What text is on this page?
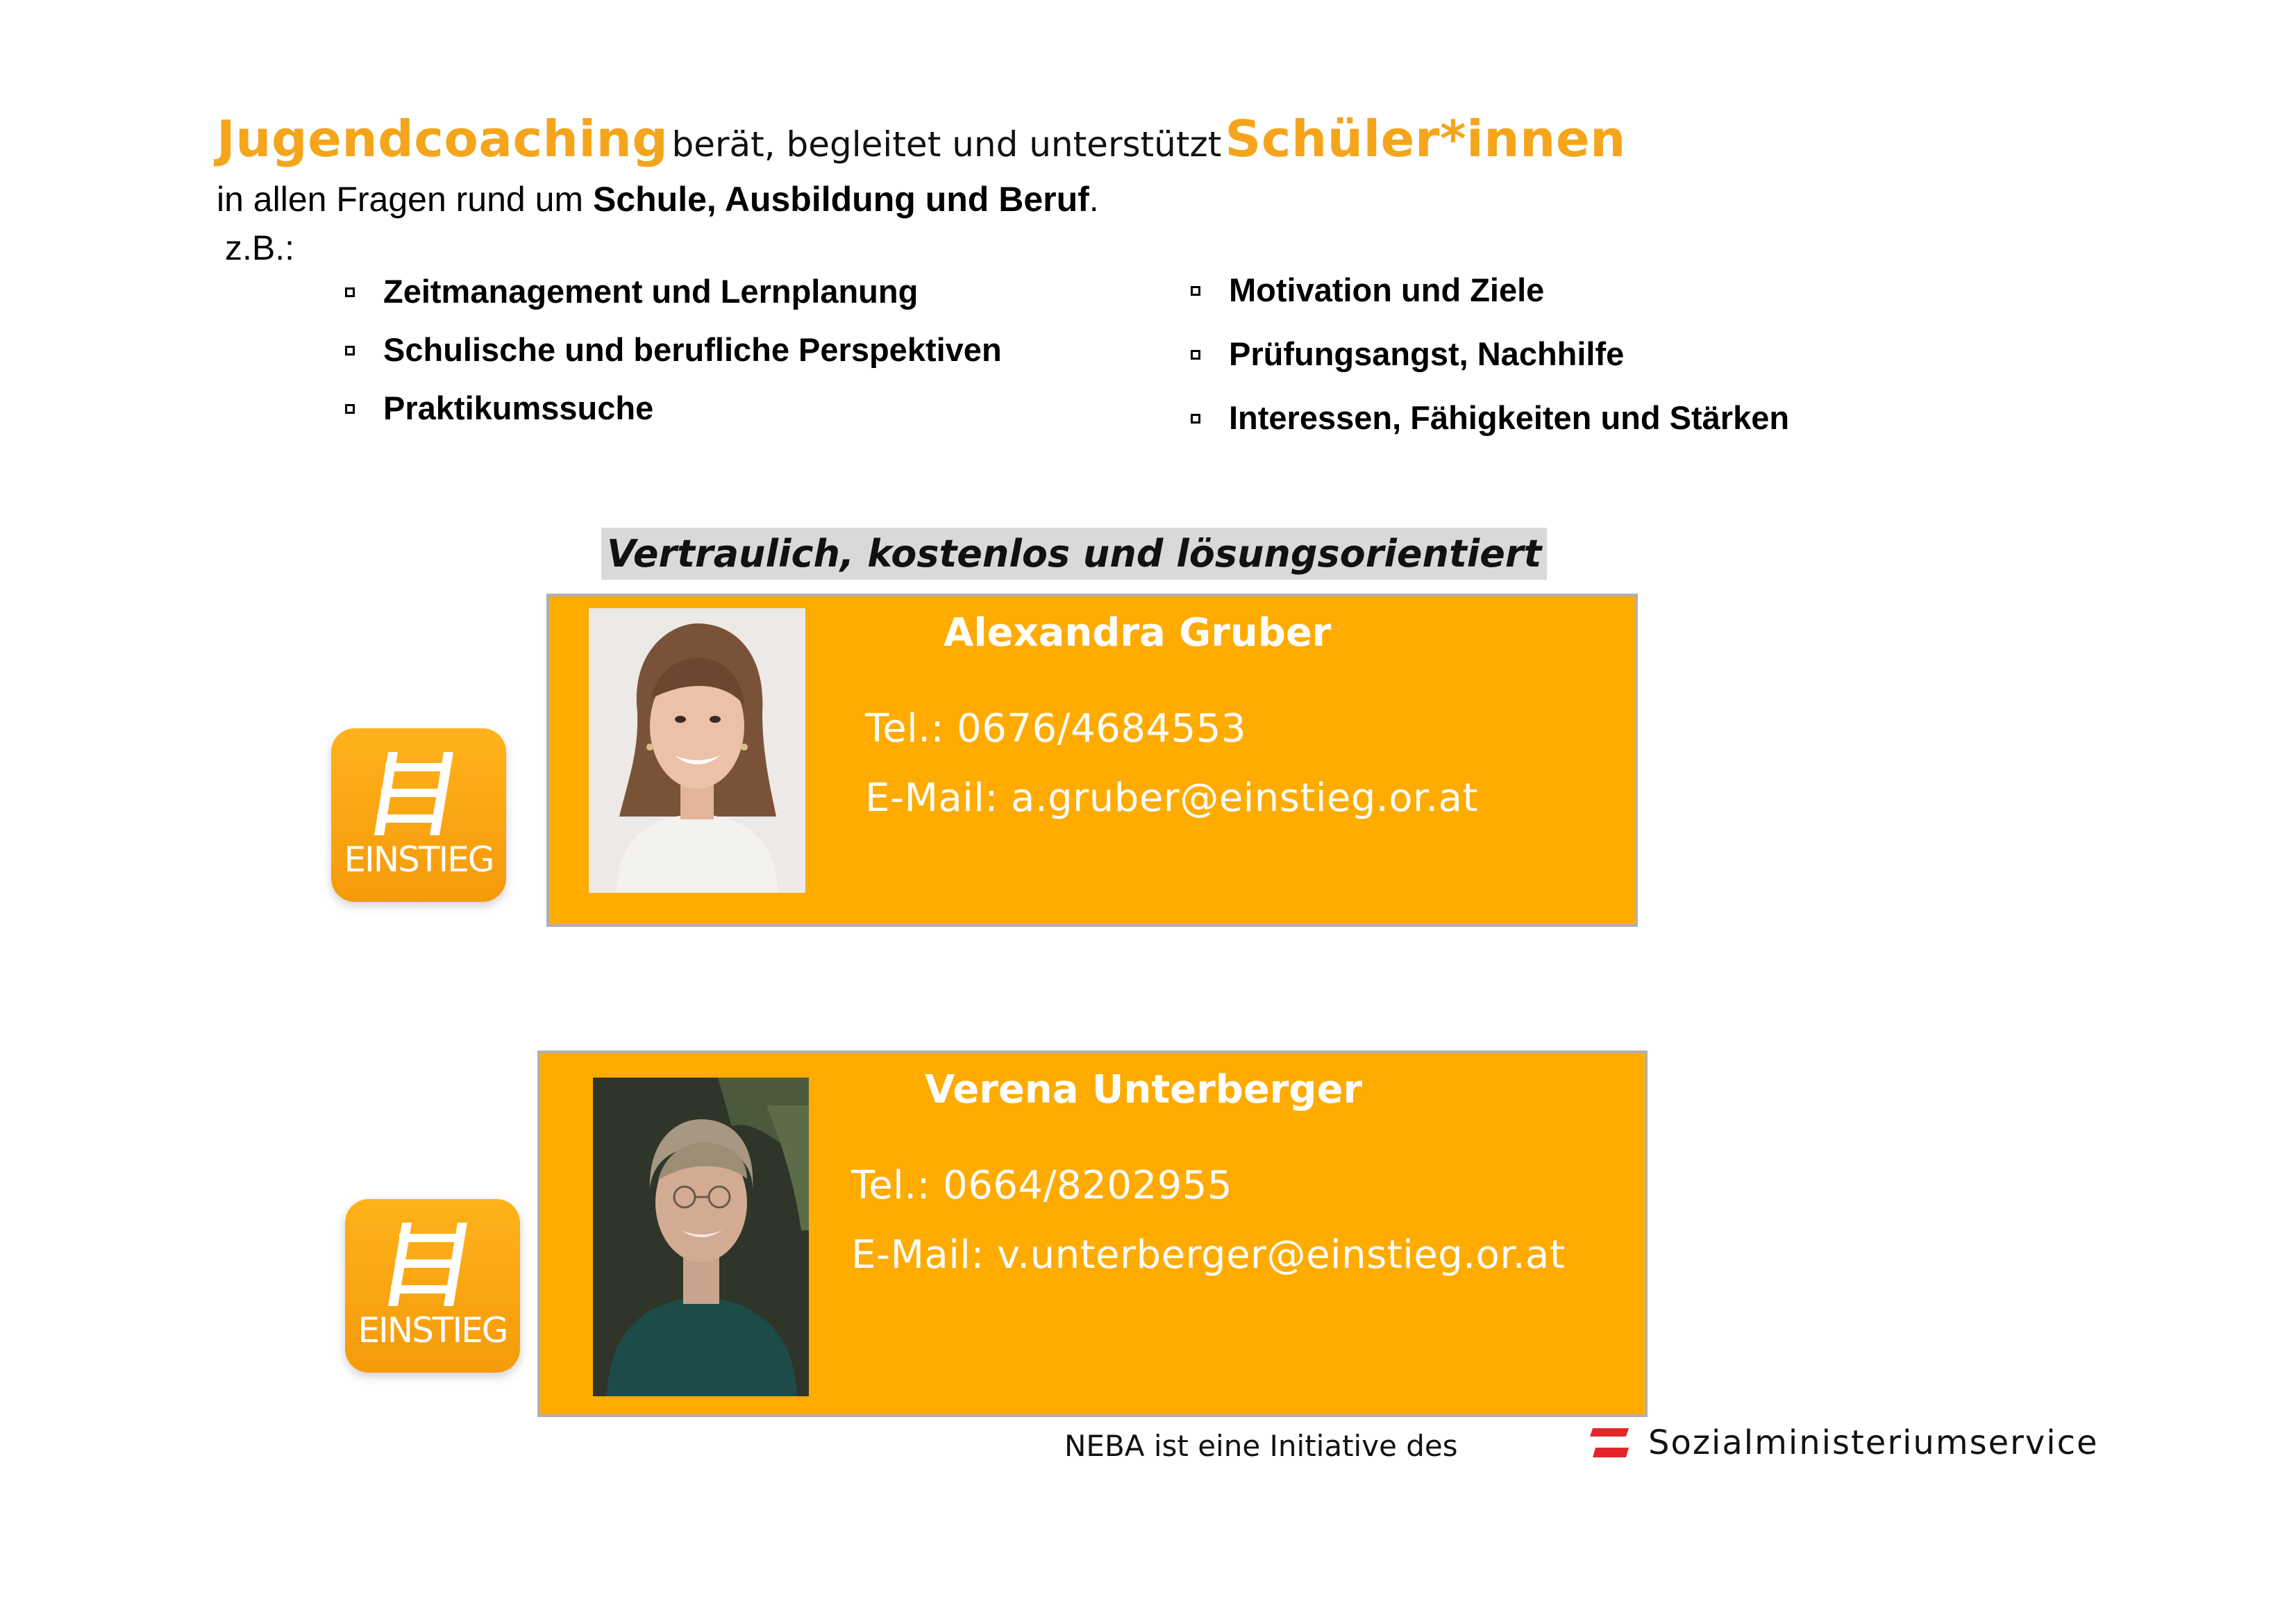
Jugendcoaching berät, begleitet und unterstützt Schüler*innen
in allen Fragen rund um Schule, Ausbildung und Beruf.
z.B.:
Zeitmanagement und Lernplanung
Schulische und berufliche Perspektiven
Praktikumssuche
Motivation und Ziele
Prüfungsangst, Nachhilfe
Interessen, Fähigkeiten und Stärken
Vertraulich, kostenlos und lösungsorientiert
EINSTIEG
Alexandra Gruber
Tel.: 0676/4684553
E-Mail: a.gruber@einstieg.or.at
EINSTIEG
Verena Unterberger
Tel.: 0664/8202955
E-Mail: v.unterberger@einstieg.or.at
NEBA ist eine Initiative des	Sozialministeriumservice
